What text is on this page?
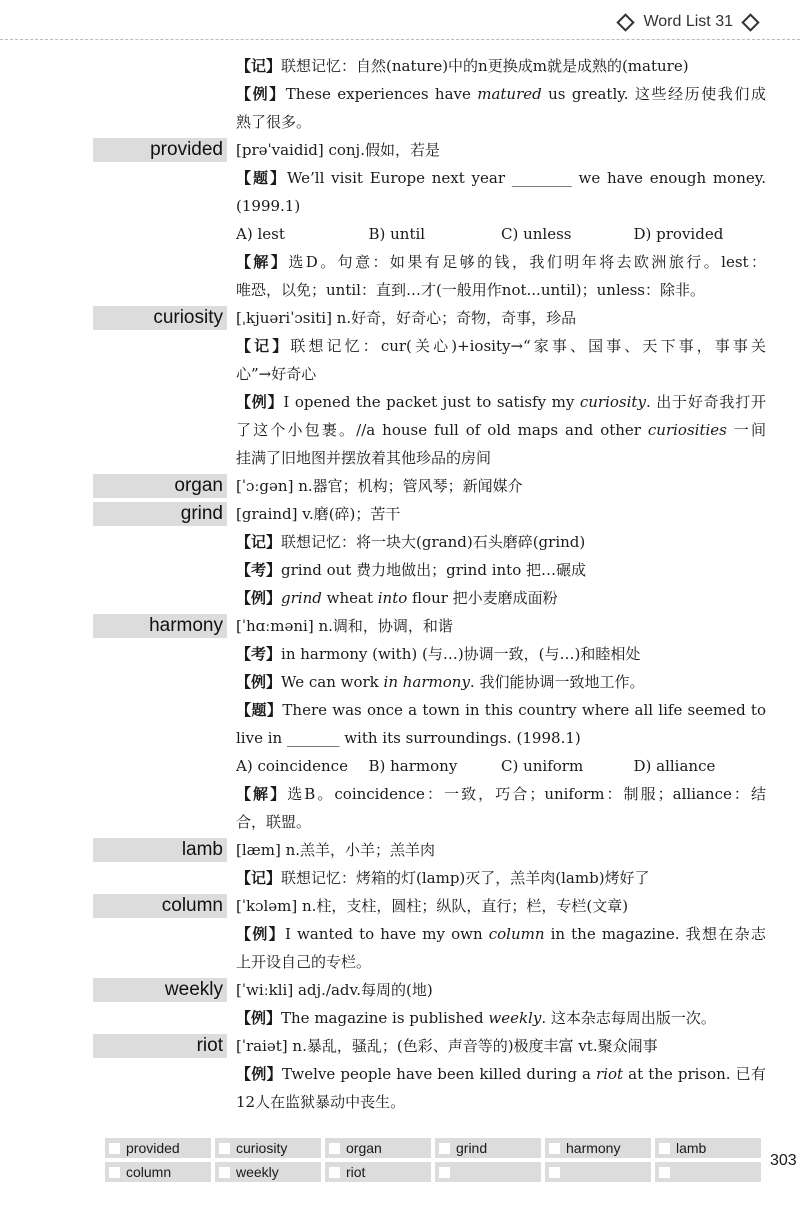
Word List 31
【记】联想记忆：自然(nature)中的n更换成m就是成熟的(mature)
【例】These experiences have matured us greatly. 这些经历使我们成
熟了很多。
provided [prəˈvaidid] conj.假如，若是
【题】We’ll visit Europe next year ________ we have enough money.
(1999.1)
A) lest	B) until	C) unless	D) provided
【解】选D。句意：如果有足够的钱，我们明年将去欧洲旅行。lest：
唯恐，以免；until：直到…才(一般用作not...until)；unless：除非。
curiosity [ˌkjuəriˈɔsiti] n.好奇，好奇心；奇物，奇事，珍品
【记】联想记忆：cur(关心)+iosity→“家事、国事、天下事，事事关
心”→好奇心
【例】I opened the packet just to satisfy my curiosity. 出于好奇我打开
了这个小包裹。//a house full of old maps and other curiosities 一间
挂满了旧地图并摆放着其他珍品的房间
organ [ˈɔːgən] n.器官；机构；管风琴；新闻媒介
grind [graind] v.磨(碎)；苦干
【记】联想记忆：将一块大(grand)石头磨碎(grind)
【考】grind out 费力地做出；grind into 把…碾成
【例】grind wheat into flour 把小麦磨成面粉
harmony [ˈhɑːməni] n.调和，协调，和谐
【考】in harmony (with) (与…)协调一致，(与…)和睦相处
【例】We can work in harmony. 我们能协调一致地工作。
【题】There was once a town in this country where all life seemed to
live in _______ with its surroundings. (1998.1)
A) coincidence	B) harmony	C) uniform	D) alliance
【解】选B。coincidence：一致，巧合；uniform：制服；alliance：结
合，联盟。
lamb [læm] n.羔羊，小羊；羔羊肉
【记】联想记忆：烤箱的灯(lamp)灭了，羔羊肉(lamb)烤好了
column [ˈkɔləm] n.柱，支柱，圆柱；纵队，直行；栏，专栏(文章)
【例】I wanted to have my own column in the magazine. 我想在杂志
上开设自己的专栏。
weekly [ˈwiːkli] adj./adv.每周的(地)
【例】The magazine is published weekly. 这本杂志每周出版一次。
riot [ˈraiət] n.暴乱，骚乱；(色彩、声音等的)极度丰富 vt.聚众闹事
【例】Twelve people have been killed during a riot at the prison. 已有
12人在监狱暴动中丧生。
provided	curiosity	organ	grind	harmony	lamb
column	weekly	riot
303
